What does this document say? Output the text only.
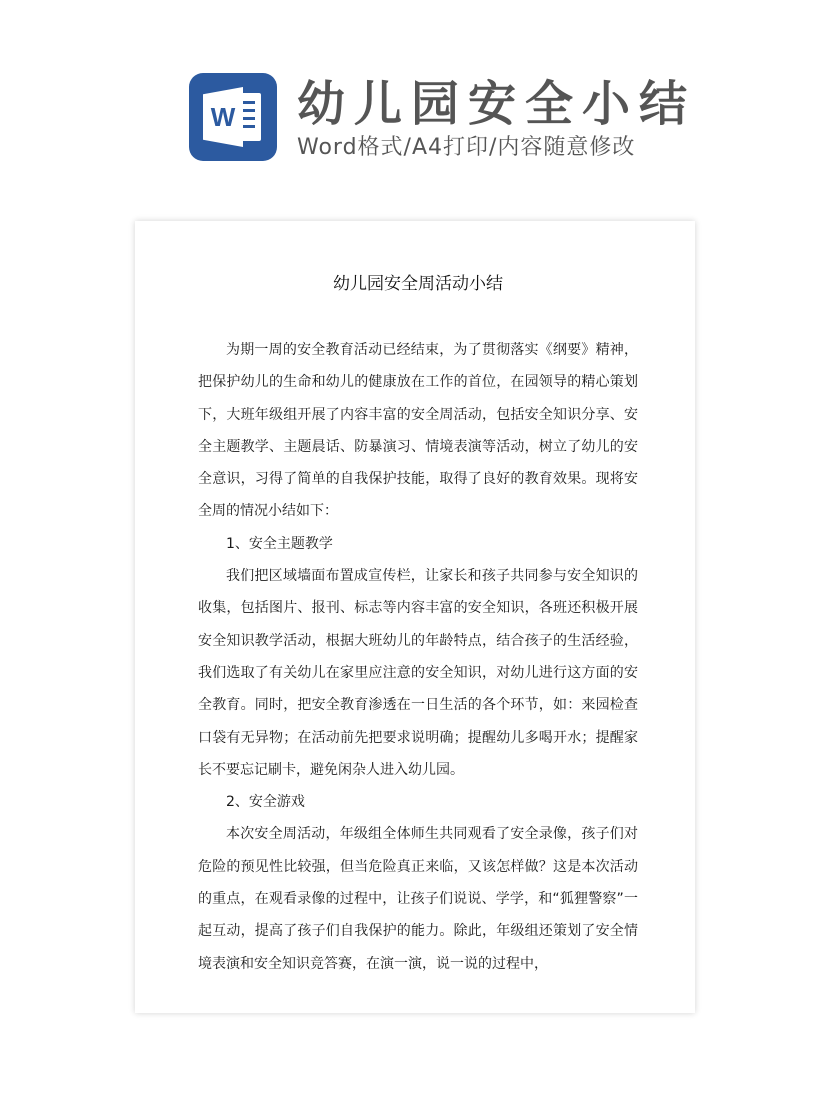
W 幼儿园安全小结
Word格式/A4打印/内容随意修改

幼儿园安全周活动小结

为期一周的安全教育活动已经结束，为了贯彻落实《纲要》精神，把保护幼儿的生命和幼儿的健康放在工作的首位，在园领导的精心策划下，大班年级组开展了内容丰富的安全周活动，包括安全知识分享、安全主题教学、主题晨话、防暴演习、情境表演等活动，树立了幼儿的安全意识，习得了简单的自我保护技能，取得了良好的教育效果。现将安全周的情况小结如下：

1、安全主题教学

我们把区域墙面布置成宣传栏，让家长和孩子共同参与安全知识的收集，包括图片、报刊、标志等内容丰富的安全知识，各班还积极开展安全知识教学活动，根据大班幼儿的年龄特点，结合孩子的生活经验，我们选取了有关幼儿在家里应注意的安全知识，对幼儿进行这方面的安全教育。同时，把安全教育渗透在一日生活的各个环节，如：来园检查口袋有无异物；在活动前先把要求说明确；提醒幼儿多喝开水；提醒家长不要忘记刷卡，避免闲杂人进入幼儿园。

2、安全游戏

本次安全周活动，年级组全体师生共同观看了安全录像，孩子们对危险的预见性比较强，但当危险真正来临，又该怎样做？这是本次活动的重点，在观看录像的过程中，让孩子们说说、学学，和“狐狸警察”一起互动，提高了孩子们自我保护的能力。除此，年级组还策划了安全情境表演和安全知识竞答赛，在演一演，说一说的过程中，
